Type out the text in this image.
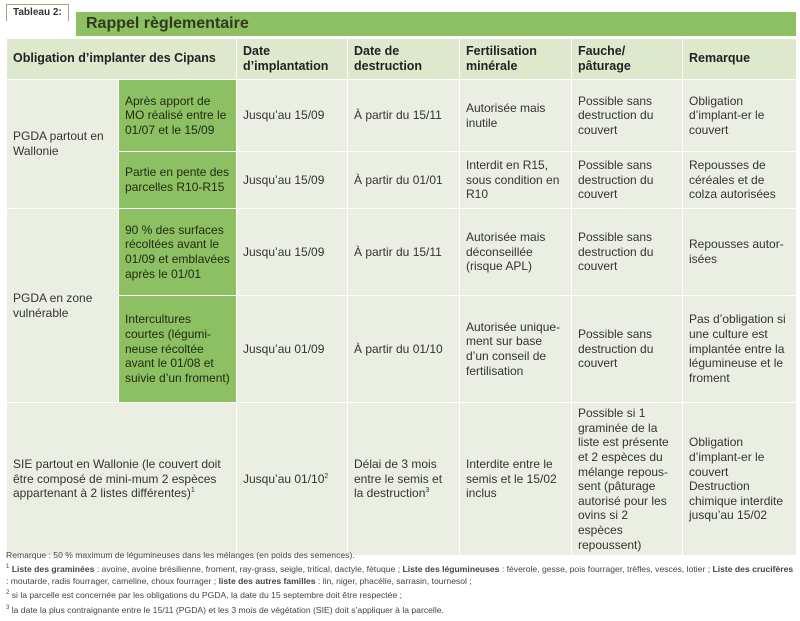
Tableau 2:
Rappel règlementaire
Obligation d’implanter des Cipans		Date d’implantation	Date de destruction	Fertilisation minérale	Fauche/ pâturage	Remarque
PGDA partout en Wallonie	Après apport de MO réalisé entre le 01/07 et le 15/09	Jusqu’au 15/09	À partir du 15/11	Autorisée mais inutile	Possible sans destruction du couvert	Obligation d’implant-er le couvert
	Partie en pente des parcelles R10-R15	Jusqu’au 15/09	À partir du 01/01	Interdit en R15, sous condition en R10	Possible sans destruction du couvert	Repousses de céréales et de colza autorisées
PGDA en zone vulnérable	90 % des surfaces récoltées avant le 01/09 et emblavées après le 01/01	Jusqu’au 15/09	À partir du 15/11	Autorisée mais déconseillée (risque APL)	Possible sans destruction du couvert	Repousses autor-isées
	Intercultures courtes (légumi-neuse récoltée avant le 01/08 et suivie d’un froment)	Jusqu’au 01/09	À partir du 01/10	Autorisée unique-ment sur base d’un conseil de fertilisation	Possible sans destruction du couvert	Pas d’obligation si une culture est implantée entre la légumineuse et le froment
SIE partout en Wallonie (le couvert doit être composé de mini-mum 2 espèces appartenant à 2 listes différentes)$^1$		Jusqu’au $01/10^2$	Délai de 3 mois entre le semis et la destruction$^3$	Interdite entre le semis et le 15/02 inclus	Possible si 1 graminée de la liste est présente et 2 espèces du mélange repous-sent (pâturage autorisé pour les ovins si 2 espèces repoussent)	Obligation d’implant-er le couvert Destruction chimique interdite jusqu’au 15/02
Remarque : 50 % maximum de légumineuses dans les mélanges (en poids des semences).
$^1$ Liste des graminées : avoine, avoine brésilienne, froment, ray-grass, seigle, tritical, dactyle, fétuque ; Liste des légumineuses : féverole, gesse, pois fourrager, trèfles, vesces, lotier ; Liste des crucifères : moutarde, radis fourrager, cameline, choux fourrager ; liste des autres familles : lin, niger, phacélie, sarrasin, tournesol ;
$^2$ si la parcelle est concernée par les obligations du PGDA, la date du 15 septembre doit être respectée ;
$^3$ la date la plus contraignante entre le 15/11 (PGDA) et les 3 mois de végétation (SIE) doit s’appliquer à la parcelle.
